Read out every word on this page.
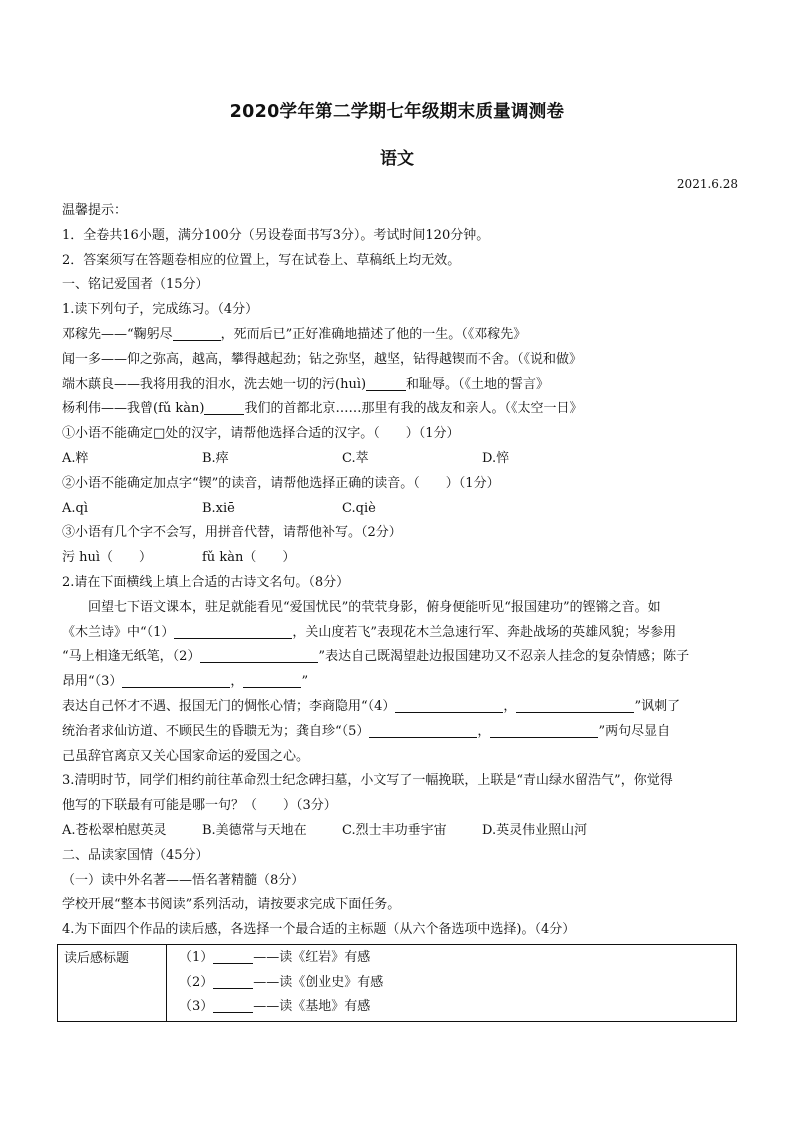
2020学年第二学期七年级期末质量调测卷
语文
2021.6.28
温馨提示：
1．全卷共16小题，满分100分（另设卷面书写3分）。考试时间120分钟。
2．答案须写在答题卷相应的位置上，写在试卷上、草稿纸上均无效。
一、铭记爱国者（15分）
1.读下列句子，完成练习。（4分）
邓稼先——“鞠躬尽	，死而后已”正好准确地描述了他的一生。（《邓稼先》
闻一多——仰之弥高，越高，攀得越起劲；钻之弥坚，越坚，钻得越锲而不舍。（《说和做》
端木蕻良——我将用我的泪水，洗去她一切的污(huì)	和耻辱。（《土地的誓言》
杨利伟——我曾(fǔ kàn)	我们的首都北京……那里有我的战友和亲人。（《太空一日》
①小语不能确定□处的汉字，请帮他选择合适的汉字。（　　）（1分）
A.粹	B.瘁	C.萃	D.悴
②小语不能确定加点字“锲”的读音，请帮他选择正确的读音。（　　）（1分）
A.qì	B.xiē	C.qiè
③小语有几个字不会写，用拼音代替，请帮他补写。（2分）
污 huì（　　）	fǔ kàn（　　）
2.请在下面横线上填上合适的古诗文名句。（8分）
回望七下语文课本，驻足就能看见“爱国忧民”的茕茕身影，俯身便能听见“报国建功”的铿锵之音。如
《木兰诗》中“（1）	，关山度若飞”表现花木兰急速行军、奔赴战场的英雄风貌；岑参用
“马上相逢无纸笔，（2）	”表达自己既渴望赴边报国建功又不忍亲人挂念的复杂情感；陈子
昂用“（3）	，	”
表达自己怀才不遇、报国无门的惆怅心情；李商隐用“（4）	，	”讽刺了
统治者求仙访道、不顾民生的昏聩无为；龚自珍“（5）	，	”两句尽显自
己虽辞官离京又关心国家命运的爱国之心。
3.清明时节，同学们相约前往革命烈士纪念碑扫墓，小文写了一幅挽联，上联是“青山绿水留浩气”，你觉得
他写的下联最有可能是哪一句？（　　）（3分）
A.苍松翠柏慰英灵	B.美德常与天地在	C.烈士丰功垂宇宙	D.英灵伟业照山河
二、品读家国情（45分）
（一）读中外名著——悟名著精髓（8分）
学校开展“整本书阅读”系列活动，请按要求完成下面任务。
4.为下面四个作品的读后感，各选择一个最合适的主标题（从六个备选项中选择)。（4分）
读后感标题	（1）	——读《红岩》有感
（2）	——读《创业史》有感
（3）	——读《基地》有感
